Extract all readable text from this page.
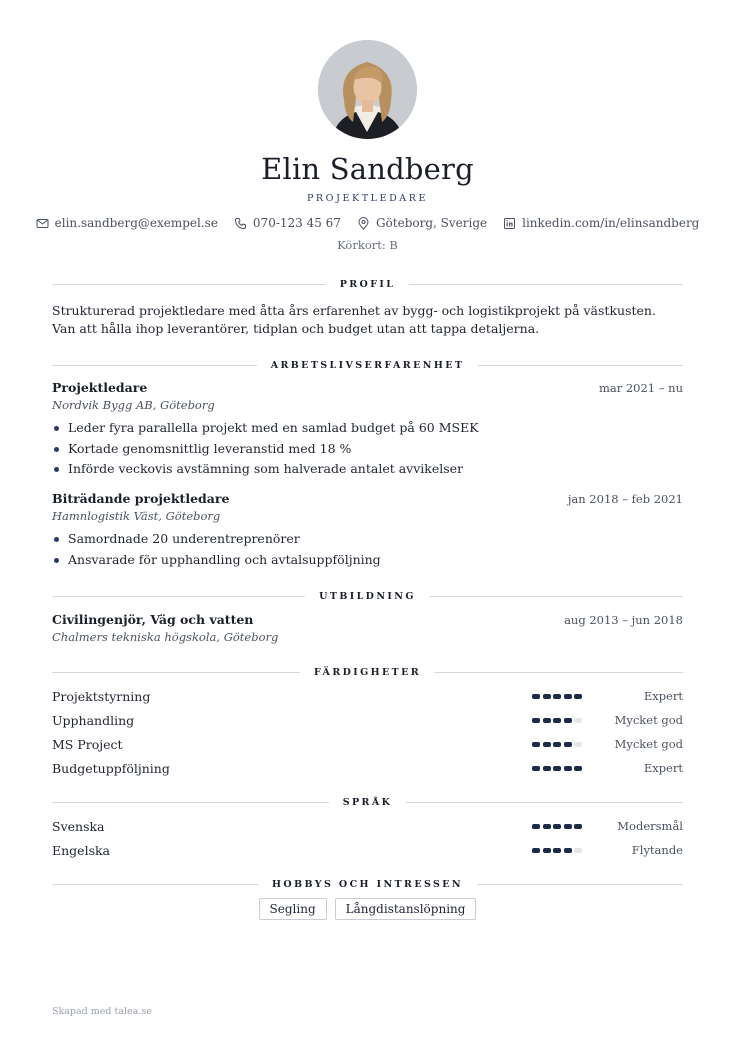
Elin Sandberg
PROJEKTLEDARE
elin.sandberg@exempel.se	070-123 45 67	Göteborg, Sverige	linkedin.com/in/elinsandberg
Körkort: B
PROFIL
Strukturerad projektledare med åtta års erfarenhet av bygg- och logistikprojekt på västkusten. Van att hålla ihop leverantörer, tidplan och budget utan att tappa detaljerna.
ARBETSLIVSERFARENHET
Projektledare	mar 2021 – nu
Nordvik Bygg AB, Göteborg
Leder fyra parallella projekt med en samlad budget på 60 MSEK
Kortade genomsnittlig leveranstid med 18 %
Införde veckovis avstämning som halverade antalet avvikelser
Biträdande projektledare	jan 2018 – feb 2021
Hamnlogistik Väst, Göteborg
Samordnade 20 underentreprenörer
Ansvarade för upphandling och avtalsuppföljning
UTBILDNING
Civilingenjör, Väg och vatten	aug 2013 – jun 2018
Chalmers tekniska högskola, Göteborg
FÄRDIGHETER
Projektstyrning	Expert
Upphandling	Mycket god
MS Project	Mycket god
Budgetuppföljning	Expert
SPRÅK
Svenska	Modersmål
Engelska	Flytande
HOBBYS OCH INTRESSEN
Segling	Långdistanslöpning
Skapad med talea.se
